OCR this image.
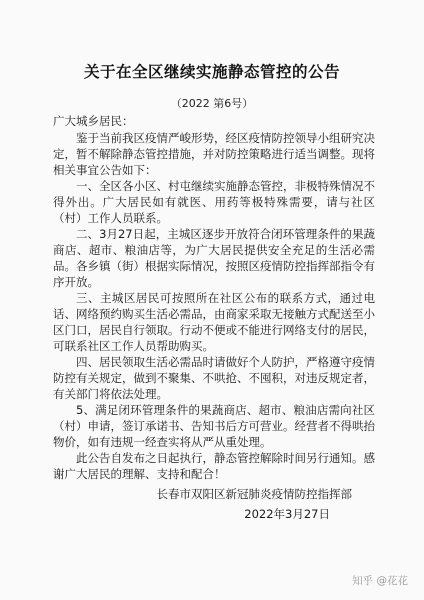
关于在全区继续实施静态管控的公告
（2022 第6号）
广大城乡居民：

鉴于当前我区疫情严峻形势，经区疫情防控领导小组研究决定，暂不解除静态管控措施，并对防控策略进行适当调整。现将相关事宜公告如下：

一、全区各小区、村屯继续实施静态管控，非极特殊情况不得外出。广大居民如有就医、用药等极特殊需要，请与社区（村）工作人员联系。

二、3月27日起，主城区逐步开放符合闭环管理条件的果蔬商店、超市、粮油店等，为广大居民提供安全充足的生活必需品。各乡镇（街）根据实际情况，按照区疫情防控指挥部指令有序开放。

三、主城区居民可按照所在社区公布的联系方式，通过电话、网络预约购买生活必需品，由商家采取无接触方式配送至小区门口，居民自行领取。行动不便或不能进行网络支付的居民，可联系社区工作人员帮助购买。

四、居民领取生活必需品时请做好个人防护，严格遵守疫情防控有关规定，做到不聚集、不哄抢、不囤积，对违反规定者，有关部门将依法处理。

5、满足闭环管理条件的果蔬商店、超市、粮油店需向社区（村）申请，签订承诺书、告知书后方可营业。经营者不得哄抬物价，如有违规一经查实将从严从重处理。

此公告自发布之日起执行，静态管控解除时间另行通知。感谢广大居民的理解、支持和配合！

长春市双阳区新冠肺炎疫情防控指挥部
2022年3月27日
知乎 @花花
